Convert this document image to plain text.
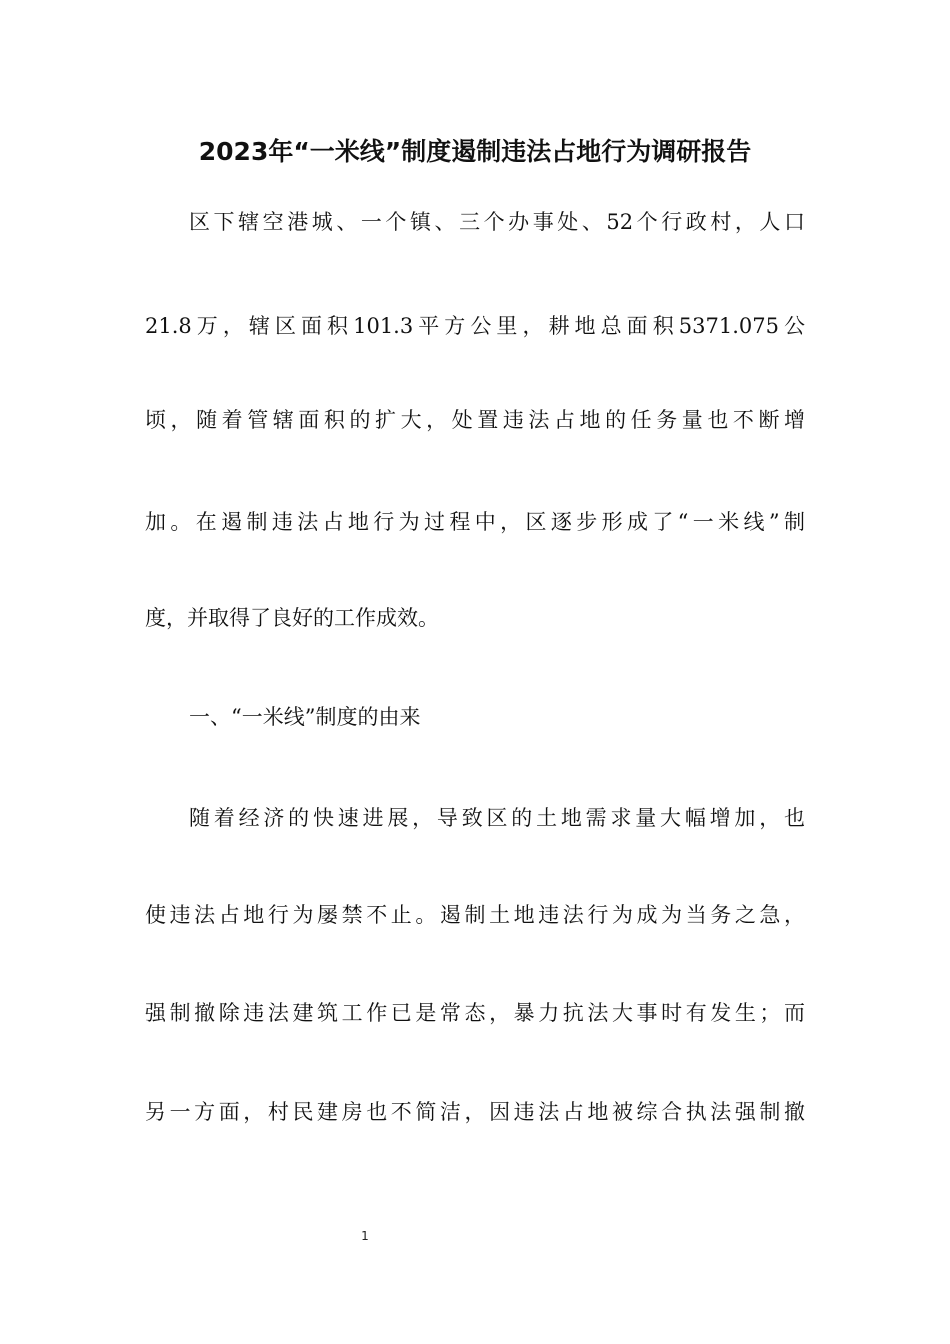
2023年“一米线”制度遏制违法占地行为调研报告

区下辖空港城、一个镇、三个办事处、52个行政村，人口

21.8万，辖区面积101.3平方公里，耕地总面积5371.075公

顷，随着管辖面积的扩大，处置违法占地的任务量也不断增

加。在遏制违法占地行为过程中，区逐步形成了“一米线”制

度，并取得了良好的工作成效。

一、“一米线”制度的由来

随着经济的快速进展，导致区的土地需求量大幅增加，也

使违法占地行为屡禁不止。遏制土地违法行为成为当务之急，

强制撤除违法建筑工作已是常态，暴力抗法大事时有发生；而

另一方面，村民建房也不简洁，因违法占地被综合执法强制撤

1
